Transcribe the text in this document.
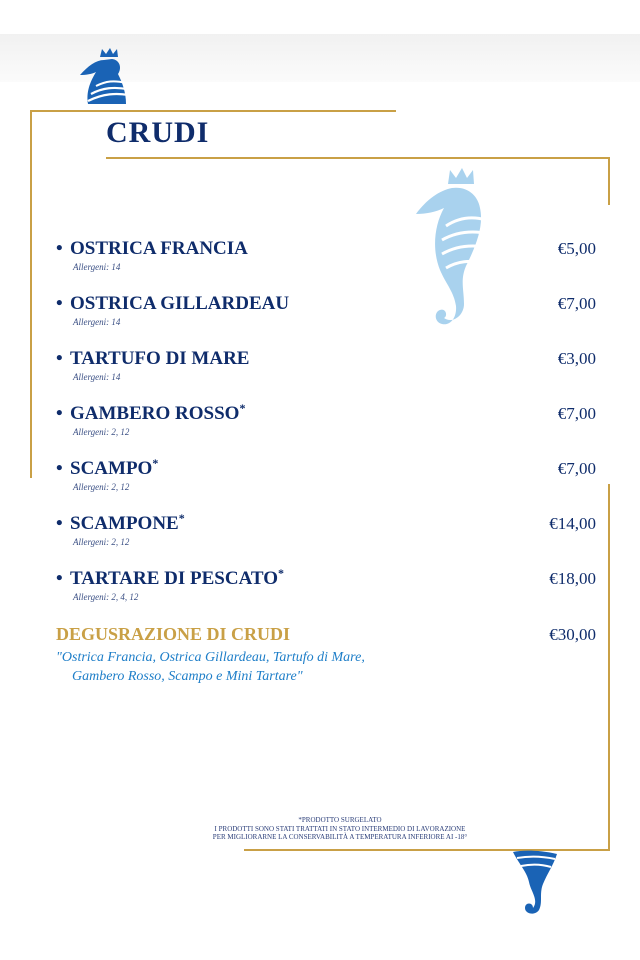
CRUDI
• OSTRICA FRANCIA
Allergeni: 14
€5,00
• OSTRICA GILLARDEAU
Allergeni: 14
€7,00
• TARTUFO DI MARE
Allergeni: 14
€3,00
• GAMBERO ROSSO*
Allergeni: 2, 12
€7,00
• SCAMPO*
Allergeni: 2, 12
€7,00
• SCAMPONE*
Allergeni: 2, 12
€14,00
• TARTARE DI PESCATO*
Allergeni: 2, 4, 12
€18,00
DEGUSRAZIONE DI CRUDI	€30,00
"Ostrica Francia, Ostrica Gillardeau, Tartufo di Mare,
Gambero Rosso, Scampo e Mini Tartare"
*PRODOTTO SURGELATO
I PRODOTTI SONO STATI TRATTATI IN STATO INTERMEDIO DI LAVORAZIONE
PER MIGLIORARNE LA CONSERVABILITÀ A TEMPERATURA INFERIORE AI -18°
